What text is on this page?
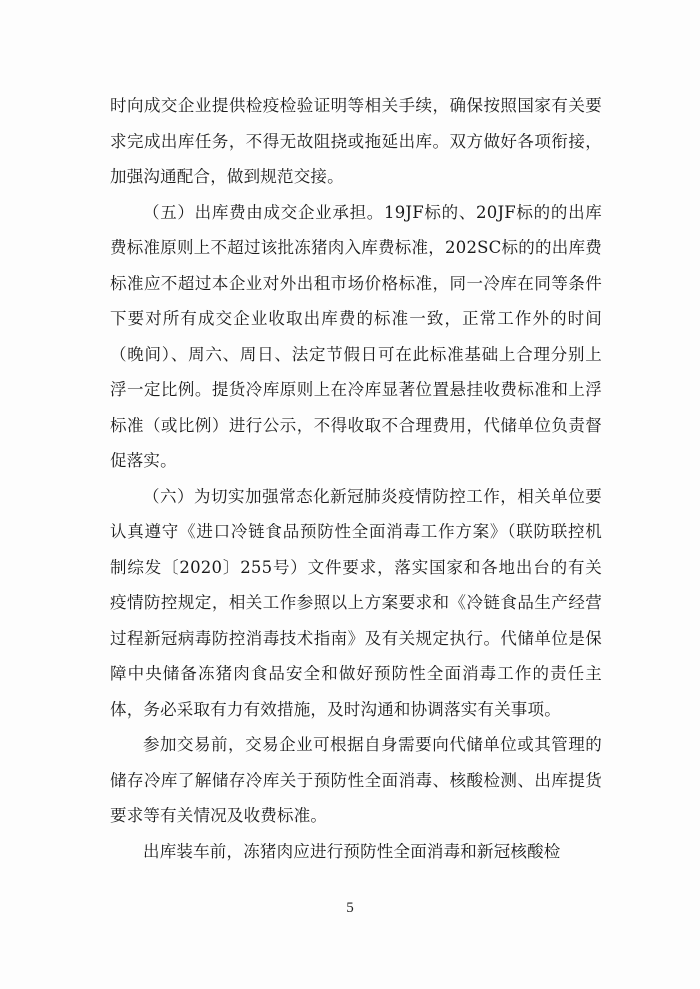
时向成交企业提供检疫检验证明等相关手续，确保按照国家有关要求完成出库任务，不得无故阻挠或拖延出库。双方做好各项衔接，加强沟通配合，做到规范交接。

（五）出库费由成交企业承担。19JF标的、20JF标的的出库费标准原则上不超过该批冻猪肉入库费标准，202SC标的的出库费标准应不超过本企业对外出租市场价格标准，同一冷库在同等条件下要对所有成交企业收取出库费的标准一致，正常工作外的时间（晚间）、周六、周日、法定节假日可在此标准基础上合理分别上浮一定比例。提货冷库原则上在冷库显著位置悬挂收费标准和上浮标准（或比例）进行公示，不得收取不合理费用，代储单位负责督促落实。

（六）为切实加强常态化新冠肺炎疫情防控工作，相关单位要认真遵守《进口冷链食品预防性全面消毒工作方案》（联防联控机制综发〔2020〕255号）文件要求，落实国家和各地出台的有关疫情防控规定，相关工作参照以上方案要求和《冷链食品生产经营过程新冠病毒防控消毒技术指南》及有关规定执行。代储单位是保障中央储备冻猪肉食品安全和做好预防性全面消毒工作的责任主体，务必采取有力有效措施，及时沟通和协调落实有关事项。

参加交易前，交易企业可根据自身需要向代储单位或其管理的储存冷库了解储存冷库关于预防性全面消毒、核酸检测、出库提货要求等有关情况及收费标准。

出库装车前，冻猪肉应进行预防性全面消毒和新冠核酸检

5
